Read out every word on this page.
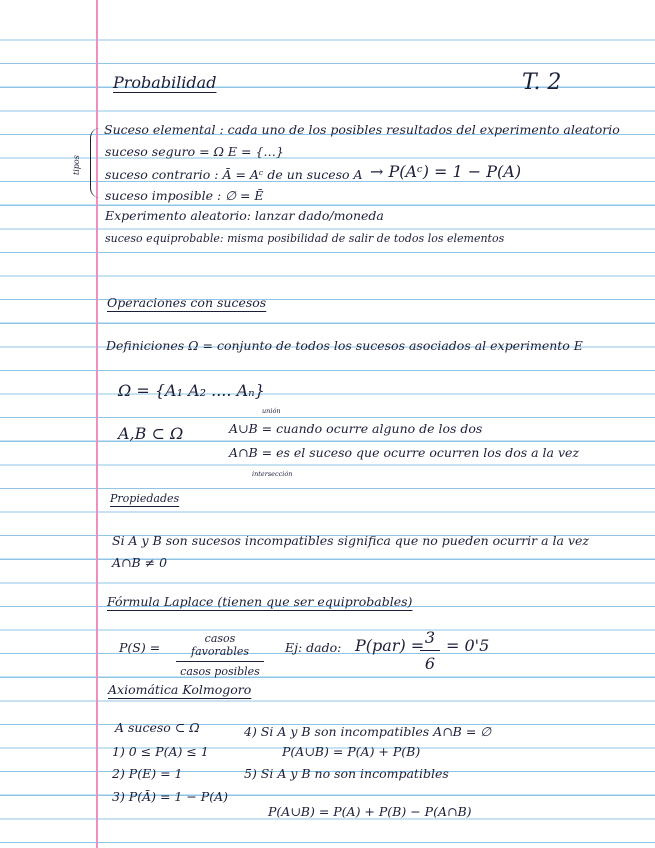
Probabilidad	T. 2
tipos
Suceso elemental : cada uno de los posibles resultados del experimento aleatorio
suceso seguro = Ω E = {…}
suceso contrario : Ā = Aᶜ de un suceso A → P(Aᶜ) = 1 − P(A)
suceso imposible : ∅ = Ē
Experimento aleatorio: lanzar dado/moneda
suceso equiprobable: misma posibilidad de salir de todos los elementos
Operaciones con sucesos
Definiciones Ω = conjunto de todos los sucesos asociados al experimento E
Ω = {A₁ A₂ .... Aₙ}
A,B ⊂ Ω
unión
A∪B = cuando ocurre alguno de los dos
A∩B = es el suceso que ocurre ocurren los dos a la vez
intersección
Propiedades
Si A y B son sucesos incompatibles significa que no pueden ocurrir a la vez
A∩B ≠ 0
Fórmula Laplace (tienen que ser equiprobables)
P(S) =
casos favorables
casos posibles
Ej: dado: P(par) =
$\frac{3}{6} = 0'5$
Axiomática Kolmogoro
A suceso ⊂ Ω
1) 0 ≤ P(A) ≤ 1
2) P(E) = 1
3) P(Ā) = 1 − P(A)
4) Si A y B son incompatibles A∩B = ∅
P(A∪B) = P(A) + P(B)
5) Si A y B no son incompatibles
P(A∪B) = P(A) + P(B) − P(A∩B)
